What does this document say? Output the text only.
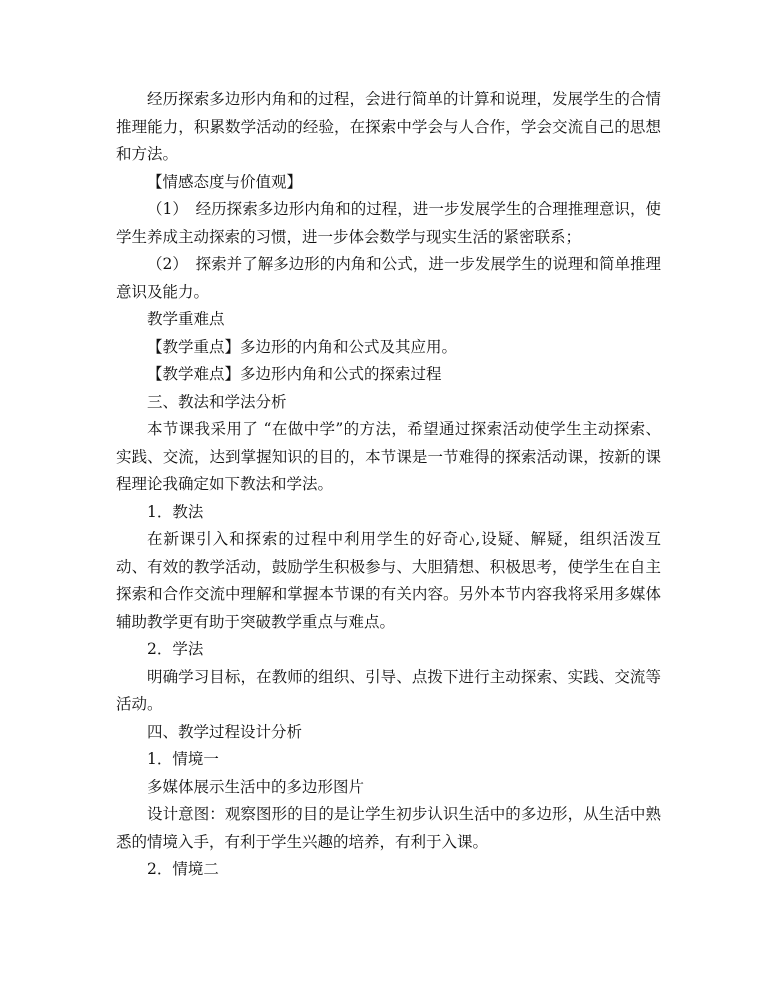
经历探索多边形内角和的过程，会进行简单的计算和说理，发展学生的合情推理能力，积累数学活动的经验，在探索中学会与人合作，学会交流自己的思想和方法。

【情感态度与价值观】

（1）　经历探索多边形内角和的过程，进一步发展学生的合理推理意识，使学生养成主动探索的习惯，进一步体会数学与现实生活的紧密联系；

（2）　探索并了解多边形的内角和公式，进一步发展学生的说理和简单推理意识及能力。

教学重难点

【教学重点】多边形的内角和公式及其应用。

【教学难点】多边形内角和公式的探索过程

三、教法和学法分析

本节课我采用了 “在做中学”的方法，希望通过探索活动使学生主动探索、实践、交流，达到掌握知识的目的，本节课是一节难得的探索活动课，按新的课程理论我确定如下教法和学法。

1．教法

在新课引入和探索的过程中利用学生的好奇心,设疑、解疑，组织活泼互动、有效的教学活动，鼓励学生积极参与、大胆猜想、积极思考，使学生在自主探索和合作交流中理解和掌握本节课的有关内容。另外本节内容我将采用多媒体辅助教学更有助于突破教学重点与难点。

2．学法

明确学习目标，在教师的组织、引导、点拨下进行主动探索、实践、交流等活动。

四、教学过程设计分析

1．情境一

多媒体展示生活中的多边形图片

设计意图：观察图形的目的是让学生初步认识生活中的多边形，从生活中熟悉的情境入手，有利于学生兴趣的培养，有利于入课。

2．情境二
